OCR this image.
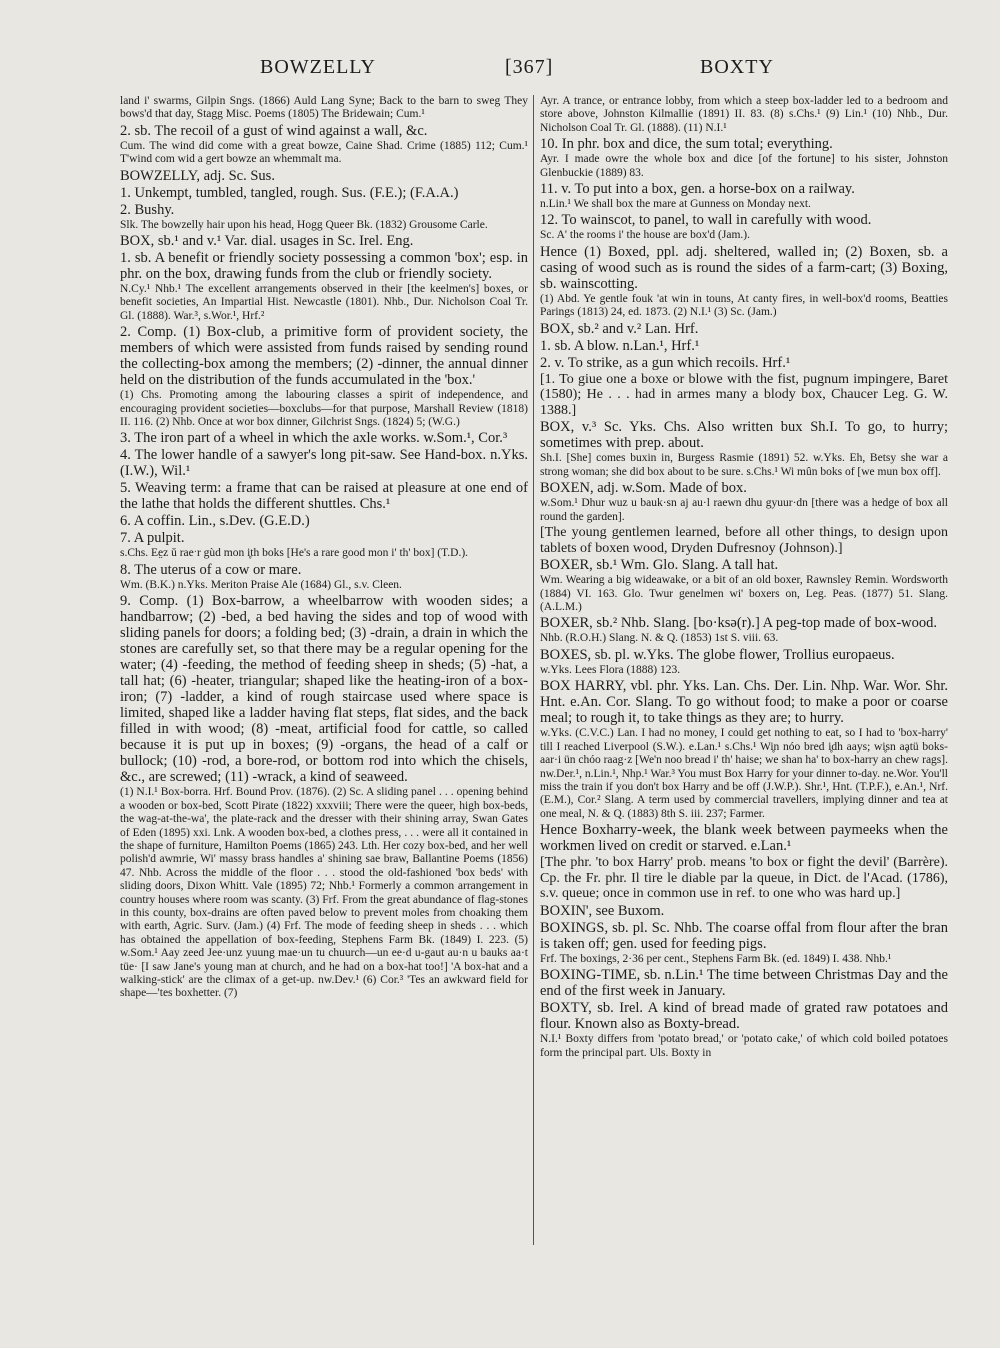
BOWZELLY	[367]	BOXTY

land i' swarms, Gilpin Sngs. (1866) Auld Lang Syne; Back to the barn to sweg They bows'd that day, Stagg Misc. Poems (1805) The Bridewain; Cum.¹

2. sb. The recoil of a gust of wind against a wall, &c.

Cum. The wind did come with a great bowze, Caine Shad. Crime (1885) 112; Cum.¹ T'wind com wid a gert bowze an whemmalt ma.

BOWZELLY, adj. Sc. Sus.

1. Unkempt, tumbled, tangled, rough. Sus. (F.E.); (F.A.A.)

2. Bushy.

Slk. The bowzelly hair upon his head, Hogg Queer Bk. (1832) Grousome Carle.

BOX, sb.¹ and v.¹ Var. dial. usages in Sc. Irel. Eng.

1. sb. A benefit or friendly society possessing a common 'box'; esp. in phr. on the box, drawing funds from the club or friendly society.

N.Cy.¹ Nhb.¹ The excellent arrangements observed in their [the keelmen's] boxes, or benefit societies, An Impartial Hist. Newcastle (1801). Nhb., Dur. Nicholson Coal Tr. Gl. (1888). War.³, s.Wor.¹, Hrf.²

2. Comp. (1) Box-club, a primitive form of provident society, the members of which were assisted from funds raised by sending round the collecting-box among the members; (2) -dinner, the annual dinner held on the distribution of the funds accumulated in the 'box.'

(1) Chs. Promoting among the labouring classes a spirit of independence, and encouraging provident societies—boxclubs—for that purpose, Marshall Review (1818) II. 116. (2) Nhb. Once at wor box dinner, Gilchrist Sngs. (1824) 5; (W.G.)

3. The iron part of a wheel in which the axle works. w.Som.¹, Cor.³

4. The lower handle of a sawyer's long pit-saw. See Hand-box. n.Yks. (I.W.), Wil.¹

5. Weaving term: a frame that can be raised at pleasure at one end of the lathe that holds the different shuttles. Chs.¹

6. A coffin. Lin., s.Dev. (G.E.D.)

7. A pulpit.

s.Chs. Ee̤z ŭ raeˑr gùd mon i̥th boks [He's a rare good mon i' th' box] (T.D.).

8. The uterus of a cow or mare.

Wm. (B.K.) n.Yks. Meriton Praise Ale (1684) Gl., s.v. Cleen.

9. Comp. (1) Box-barrow, a wheelbarrow with wooden sides; a handbarrow; (2) -bed, a bed having the sides and top of wood with sliding panels for doors; a folding bed; (3) -drain, a drain in which the stones are carefully set, so that there may be a regular opening for the water; (4) -feeding, the method of feeding sheep in sheds; (5) -hat, a tall hat; (6) -heater, triangular; shaped like the heating-iron of a box-iron; (7) -ladder, a kind of rough staircase used where space is limited, shaped like a ladder having flat steps, flat sides, and the back filled in with wood; (8) -meat, artificial food for cattle, so called because it is put up in boxes; (9) -organs, the head of a calf or bullock; (10) -rod, a bore-rod, or bottom rod into which the chisels, &c., are screwed; (11) -wrack, a kind of seaweed.

(1) N.I.¹ Box-borra. Hrf. Bound Prov. (1876). (2) Sc. A sliding panel . . . opening behind a wooden or box-bed, Scott Pirate (1822) xxxviii; There were the queer, high box-beds, the wag-at-the-wa', the plate-rack and the dresser with their shining array, Swan Gates of Eden (1895) xxi. Lnk. A wooden box-bed, a clothes press, . . . were all it contained in the shape of furniture, Hamilton Poems (1865) 243. Lth. Her cozy box-bed, and her well polish'd awmrie, Wi' massy brass handles a' shining sae braw, Ballantine Poems (1856) 47. Nhb. Across the middle of the floor . . . stood the old-fashioned 'box beds' with sliding doors, Dixon Whitt. Vale (1895) 72; Nhb.¹ Formerly a common arrangement in country houses where room was scanty. (3) Frf. From the great abundance of flag-stones in this county, box-drains are often paved below to prevent moles from choaking them with earth, Agric. Surv. (Jam.) (4) Frf. The mode of feeding sheep in sheds . . . which has obtained the appellation of box-feeding, Stephens Farm Bk. (1849) I. 223. (5) w.Som.¹ Aay zeed Jee·unz yuung mae·un tu chuurch—un ee·d u-gaut au·n u bauks aa·t tüe· [I saw Jane's young man at church, and he had on a box-hat too!] 'A box-hat and a walking-stick' are the climax of a get-up. nw.Dev.¹ (6) Cor.³ 'Tes an awkward field for shape—'tes boxhetter. (7)

Ayr. A trance, or entrance lobby, from which a steep box-ladder led to a bedroom and store above, Johnston Kilmallie (1891) II. 83. (8) s.Chs.¹ (9) Lin.¹ (10) Nhb., Dur. Nicholson Coal Tr. Gl. (1888). (11) N.I.¹

10. In phr. box and dice, the sum total; everything.

Ayr. I made owre the whole box and dice [of the fortune] to his sister, Johnston Glenbuckie (1889) 83.

11. v. To put into a box, gen. a horse-box on a railway.

n.Lin.¹ We shall box the mare at Gunness on Monday next.

12. To wainscot, to panel, to wall in carefully with wood.

Sc. A' the rooms i' the house are box'd (Jam.).

Hence (1) Boxed, ppl. adj. sheltered, walled in; (2) Boxen, sb. a casing of wood such as is round the sides of a farm-cart; (3) Boxing, sb. wainscotting.

(1) Abd. Ye gentle fouk 'at win in touns, At canty fires, in well-box'd rooms, Beatties Parings (1813) 24, ed. 1873. (2) N.I.¹ (3) Sc. (Jam.)

BOX, sb.² and v.² Lan. Hrf.

1. sb. A blow. n.Lan.¹, Hrf.¹

2. v. To strike, as a gun which recoils. Hrf.¹

[1. To giue one a boxe or blowe with the fist, pugnum impingere, Baret (1580); He . . . had in armes many a blody box, Chaucer Leg. G. W. 1388.]

BOX, v.³ Sc. Yks. Chs. Also written bux Sh.I. To go, to hurry; sometimes with prep. about.

Sh.I. [She] comes buxin in, Burgess Rasmie (1891) 52. w.Yks. Eh, Betsy she war a strong woman; she did box about to be sure. s.Chs.¹ Wi mûn boks of [we mun box off].

BOXEN, adj. w.Som. Made of box.

w.Som.¹ Dhur wuz u bauk·sn aj au·l raewn dhu gyuur·dn [there was a hedge of box all round the garden].

[The young gentlemen learned, before all other things, to design upon tablets of boxen wood, Dryden Dufresnoy (Johnson).]

BOXER, sb.¹ Wm. Glo. Slang. A tall hat.

Wm. Wearing a big wideawake, or a bit of an old boxer, Rawnsley Remin. Wordsworth (1884) VI. 163. Glo. Twur genelmen wi' boxers on, Leg. Peas. (1877) 51. Slang. (A.L.M.)

BOXER, sb.² Nhb. Slang. [bo·ksə(r).] A peg-top made of box-wood.

Nhb. (R.O.H.) Slang. N. & Q. (1853) 1st S. viii. 63.

BOXES, sb. pl. w.Yks. The globe flower, Trollius europaeus.

w.Yks. Lees Flora (1888) 123.

BOX HARRY, vbl. phr. Yks. Lan. Chs. Der. Lin. Nhp. War. Wor. Shr. Hnt. e.An. Cor. Slang. To go without food; to make a poor or coarse meal; to rough it, to take things as they are; to hurry.

w.Yks. (C.V.C.) Lan. I had no money, I could get nothing to eat, so I had to 'box-harry' till I reached Liverpool (S.W.). e.Lan.¹ s.Chs.¹ Wi̥n nóo bred i̥dh aays; wi̥sn aḁtü boks-aar·i ün chóo raag·z [We'n noo bread i' th' haise; we shan ha' to box-harry an chew rags]. nw.Der.¹, n.Lin.¹, Nhp.¹ War.³ You must Box Harry for your dinner to-day. ne.Wor. You'll miss the train if you don't box Harry and be off (J.W.P.). Shr.¹, Hnt. (T.P.F.), e.An.¹, Nrf. (E.M.), Cor.² Slang. A term used by commercial travellers, implying dinner and tea at one meal, N. & Q. (1883) 8th S. iii. 237; Farmer.

Hence Boxharry-week, the blank week between paymeeks when the workmen lived on credit or starved. e.Lan.¹

[The phr. 'to box Harry' prob. means 'to box or fight the devil' (Barrère). Cp. the Fr. phr. Il tire le diable par la queue, in Dict. de l'Acad. (1786), s.v. queue; once in common use in ref. to one who was hard up.]

BOXIN', see Buxom.

BOXINGS, sb. pl. Sc. Nhb. The coarse offal from flour after the bran is taken off; gen. used for feeding pigs.

Frf. The boxings, 2·36 per cent., Stephens Farm Bk. (ed. 1849) I. 438. Nhb.¹

BOXING-TIME, sb. n.Lin.¹ The time between Christmas Day and the end of the first week in January.

BOXTY, sb. Irel. A kind of bread made of grated raw potatoes and flour. Known also as Boxty-bread.

N.I.¹ Boxty differs from 'potato bread,' or 'potato cake,' of which cold boiled potatoes form the principal part. Uls. Boxty in
